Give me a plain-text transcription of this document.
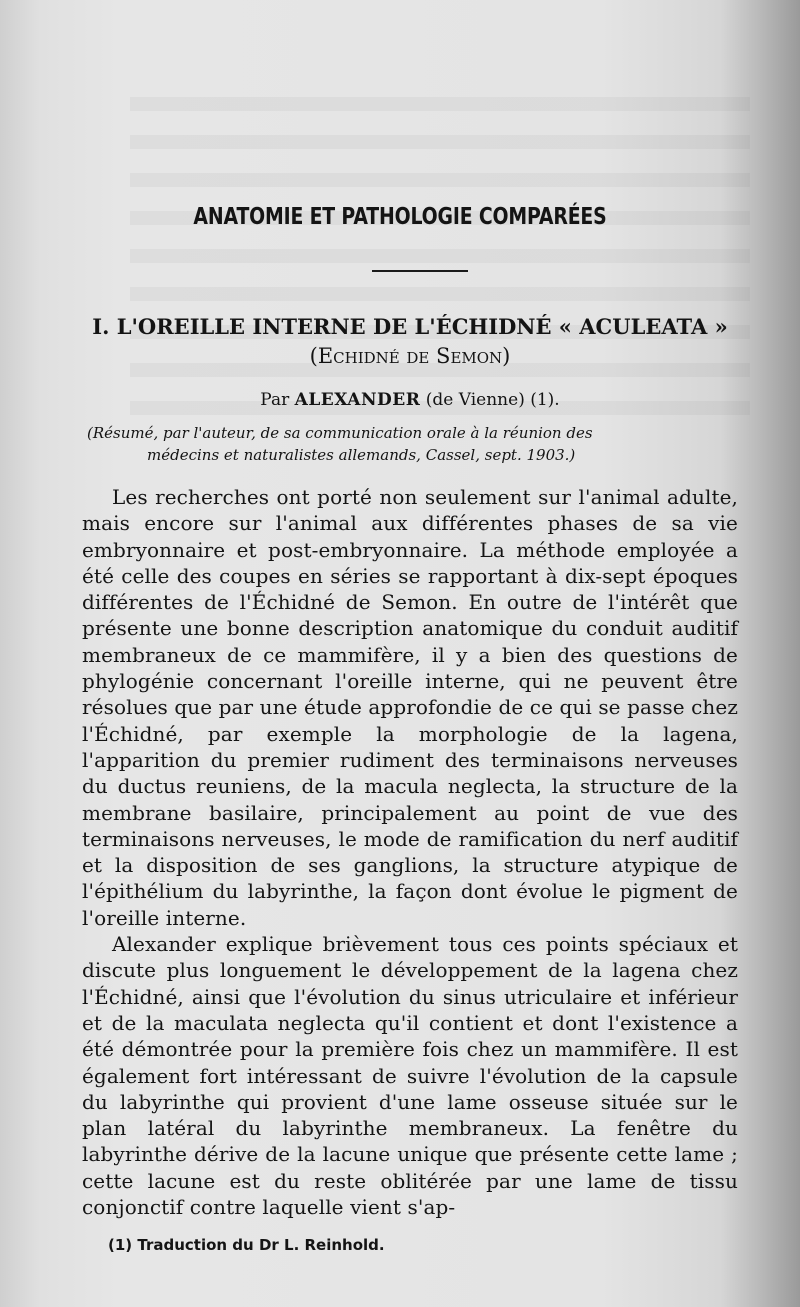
ANATOMIE ET PATHOLOGIE COMPARÉES
I. L'OREILLE INTERNE DE L'ÉCHIDNÉ « ACULEATA »
(Echidné de Semon)
Par ALEXANDER (de Vienne) (1).
(Résumé, par l'auteur, de sa communication orale à la réunion des
médecins et naturalistes allemands, Cassel, sept. 1903.)

Les recherches ont porté non seulement sur l'animal adulte, mais encore sur l'animal aux différentes phases de sa vie embryonnaire et post-embryonnaire. La méthode employée a été celle des coupes en séries se rapportant à dix-sept époques différentes de l'Échidné de Semon. En outre de l'intérêt que présente une bonne description anatomique du conduit auditif membraneux de ce mammifère, il y a bien des questions de phylogénie concernant l'oreille interne, qui ne peuvent être résolues que par une étude approfondie de ce qui se passe chez l'Échidné, par exemple la morphologie de la lagena, l'apparition du premier rudiment des terminaisons nerveuses du ductus reuniens, de la macula neglecta, la structure de la membrane basilaire, principalement au point de vue des terminaisons nerveuses, le mode de ramification du nerf auditif et la disposition de ses ganglions, la structure atypique de l'épithélium du labyrinthe, la façon dont évolue le pigment de l'oreille interne.

Alexander explique brièvement tous ces points spéciaux et discute plus longuement le développement de la lagena chez l'Échidné, ainsi que l'évolution du sinus utriculaire et inférieur et de la maculata neglecta qu'il contient et dont l'existence a été démontrée pour la première fois chez un mammifère. Il est également fort intéressant de suivre l'évolution de la capsule du labyrinthe qui provient d'une lame osseuse située sur le plan latéral du labyrinthe membraneux. La fenêtre du labyrinthe dérive de la lacune unique que présente cette lame ; cette lacune est du reste oblitérée par une lame de tissu conjonctif contre laquelle vient s'ap-

(1) Traduction du Dr L. Reinhold.
